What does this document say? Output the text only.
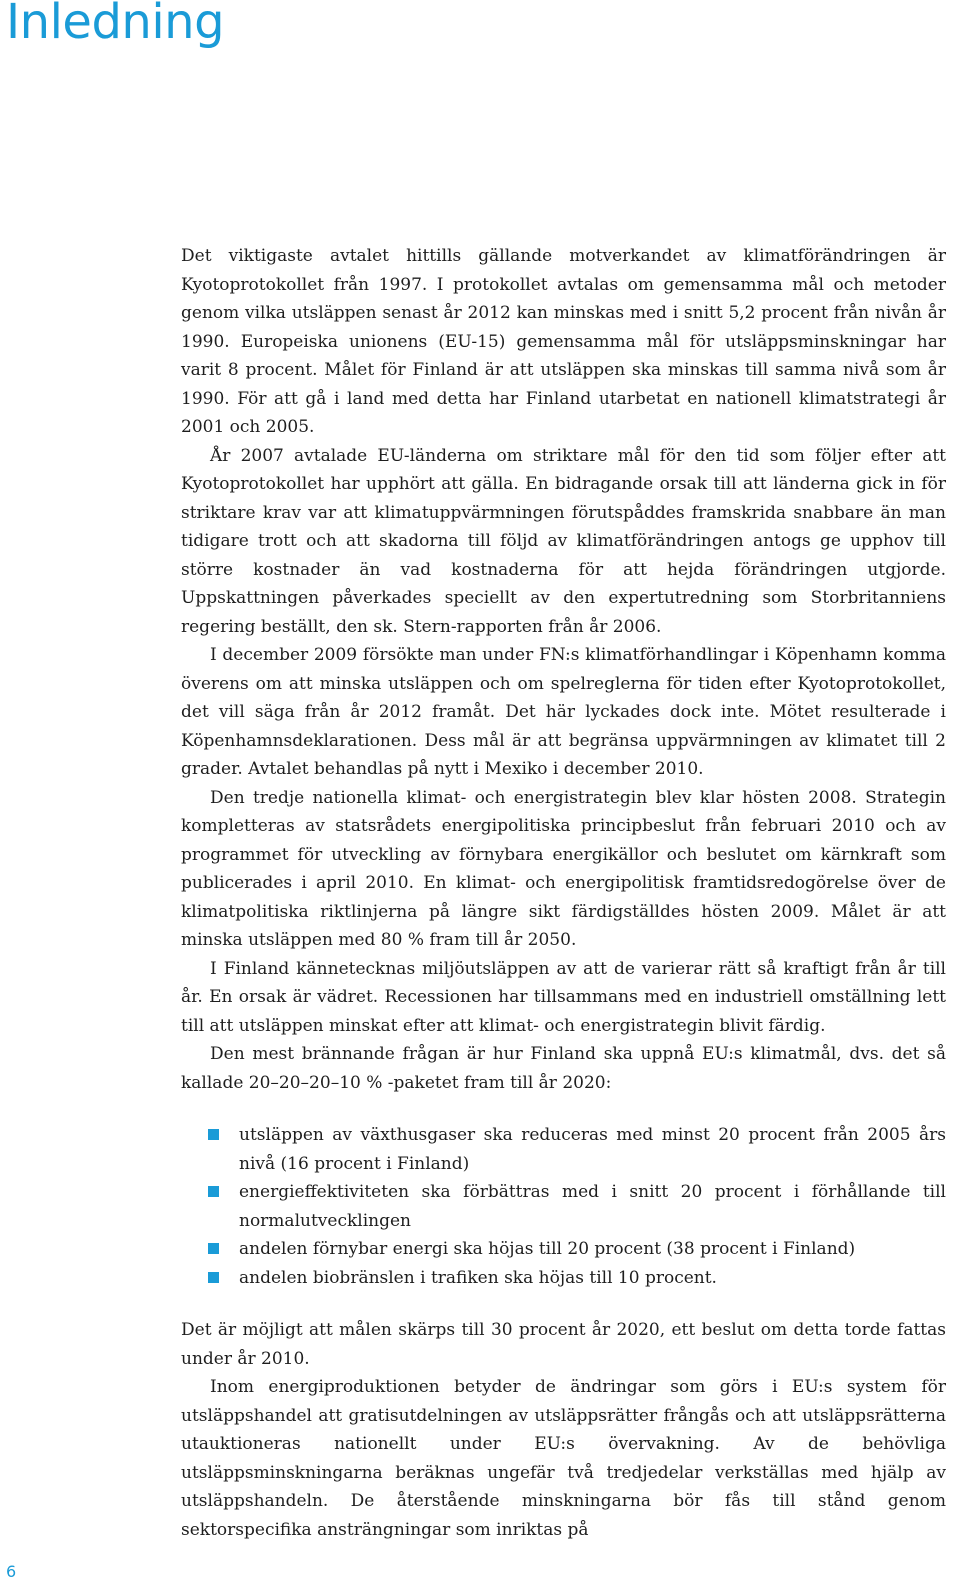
Inledning

Det viktigaste avtalet hittills gällande motverkandet av klimatförändringen är Kyotoprotokollet från 1997. I protokollet avtalas om gemensamma mål och metoder genom vilka utsläppen senast år 2012 kan minskas med i snitt 5,2 procent från nivån år 1990. Europeiska unionens (EU-15) gemensamma mål för utsläppsminskningar har varit 8 procent. Målet för Finland är att utsläppen ska minskas till samma nivå som år 1990. För att gå i land med detta har Finland utarbetat en nationell klimatstrategi år 2001 och 2005.

År 2007 avtalade EU-länderna om striktare mål för den tid som följer efter att Kyotoprotokollet har upphört att gälla. En bidragande orsak till att länderna gick in för striktare krav var att klimatuppvärmningen förutspåddes framskrida snabbare än man tidigare trott och att skadorna till följd av klimatförändringen antogs ge upphov till större kostnader än vad kostnaderna för att hejda förändringen utgjorde. Uppskattningen påverkades speciellt av den expertutredning som Storbritanniens regering beställt, den sk. Stern-rapporten från år 2006.

I december 2009 försökte man under FN:s klimatförhandlingar i Köpenhamn komma överens om att minska utsläppen och om spelreglerna för tiden efter Kyotoprotokollet, det vill säga från år 2012 framåt. Det här lyckades dock inte. Mötet resulterade i Köpenhamnsdeklarationen. Dess mål är att begränsa uppvärmningen av klimatet till 2 grader. Avtalet behandlas på nytt i Mexiko i december 2010.

Den tredje nationella klimat- och energistrategin blev klar hösten 2008. Strategin kompletteras av statsrådets energipolitiska principbeslut från februari 2010 och av programmet för utveckling av förnybara energikällor och beslutet om kärnkraft som publicerades i april 2010. En klimat- och energipolitisk framtidsredogörelse över de klimatpolitiska riktlinjerna på längre sikt färdigställdes hösten 2009. Målet är att minska utsläppen med 80 % fram till år 2050.

I Finland kännetecknas miljöutsläppen av att de varierar rätt så kraftigt från år till år. En orsak är vädret. Recessionen har tillsammans med en industriell omställning lett till att utsläppen minskat efter att klimat- och energistrategin blivit färdig.

Den mest brännande frågan är hur Finland ska uppnå EU:s klimatmål, dvs. det så kallade 20–20–20–10 % -paketet fram till år 2020:

utsläppen av växthusgaser ska reduceras med minst 20 procent från 2005 års nivå (16 procent i Finland)
energieffektiviteten ska förbättras med i snitt 20 procent i förhållande till normalutvecklingen
andelen förnybar energi ska höjas till 20 procent (38 procent i Finland)
andelen biobränslen i trafiken ska höjas till 10 procent.

Det är möjligt att målen skärps till 30 procent år 2020, ett beslut om detta torde fattas under år 2010.

Inom energiproduktionen betyder de ändringar som görs i EU:s system för utsläppshandel att gratisutdelningen av utsläppsrätter frångås och att utsläppsrätterna utauktioneras nationellt under EU:s övervakning. Av de behövliga utsläppsminskningarna beräknas ungefär två tredjedelar verkställas med hjälp av utsläppshandeln. De återstående minskningarna bör fås till stånd genom sektorspecifika ansträngningar som inriktas på

6
